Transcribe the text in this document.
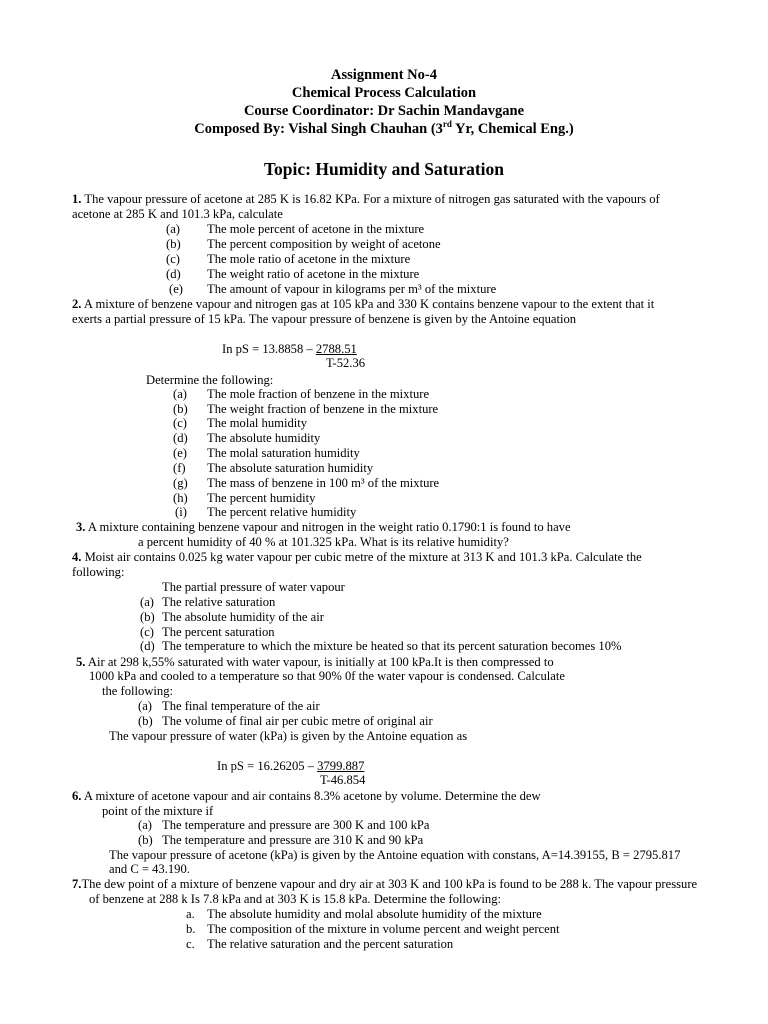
Assignment No-4
Chemical Process Calculation
Course Coordinator: Dr Sachin Mandavgane
Composed By: Vishal Singh Chauhan (3rd Yr, Chemical Eng.)
Topic: Humidity and Saturation
1. The vapour pressure of acetone at 285 K is 16.82 KPa. For a mixture of nitrogen gas saturated with the vapours of
acetone at 285 K and 101.3 kPa, calculate
(a) The mole percent of acetone in the mixture
(b) The percent composition by weight of acetone
(c) The mole ratio of acetone in the mixture
(d) The weight ratio of acetone in the mixture
(e) The amount of vapour in kilograms per m³ of the mixture
2. A mixture of benzene vapour and nitrogen gas at 105 kPa and 330 K contains benzene vapour to the extent that it
exerts a partial pressure of 15 kPa. The vapour pressure of benzene is given by the Antoine equation
In pS = 13.8858 – 2788.51
T-52.36
Determine the following:
(a) The mole fraction of benzene in the mixture
(b) The weight fraction of benzene in the mixture
(c) The molal humidity
(d) The absolute humidity
(e) The molal saturation humidity
(f) The absolute saturation humidity
(g) The mass of benzene in 100 m³ of the mixture
(h) The percent humidity
(i) The percent relative humidity
3. A mixture containing benzene vapour and nitrogen in the weight ratio 0.1790:1 is found to have
a percent humidity of 40 % at 101.325 kPa. What is its relative humidity?
4. Moist air contains 0.025 kg water vapour per cubic metre of the mixture at 313 K and 101.3 kPa. Calculate the
following:
The partial pressure of water vapour
(a) The relative saturation
(b) The absolute humidity of the air
(c) The percent saturation
(d) The temperature to which the mixture be heated so that its percent saturation becomes 10%
5. Air at 298 k,55% saturated with water vapour, is initially at 100 kPa.It is then compressed to
1000 kPa and cooled to a temperature so that 90% 0f the water vapour is condensed. Calculate
the following:
(a) The final temperature of the air
(b) The volume of final air per cubic metre of original air
The vapour pressure of water (kPa) is given by the Antoine equation as
In pS = 16.26205 – 3799.887
T-46.854
6. A mixture of acetone vapour and air contains 8.3% acetone by volume. Determine the dew
point of the mixture if
(a) The temperature and pressure are 300 K and 100 kPa
(b) The temperature and pressure are 310 K and 90 kPa
The vapour pressure of acetone (kPa) is given by the Antoine equation with constans, A=14.39155, B = 2795.817
and C = 43.190.
7.The dew point of a mixture of benzene vapour and dry air at 303 K and 100 kPa is found to be 288 k. The vapour pressure
of benzene at 288 k Is 7.8 kPa and at 303 K is 15.8 kPa. Determine the following:
a. The absolute humidity and molal absolute humidity of the mixture
b. The composition of the mixture in volume percent and weight percent
c. The relative saturation and the percent saturation
